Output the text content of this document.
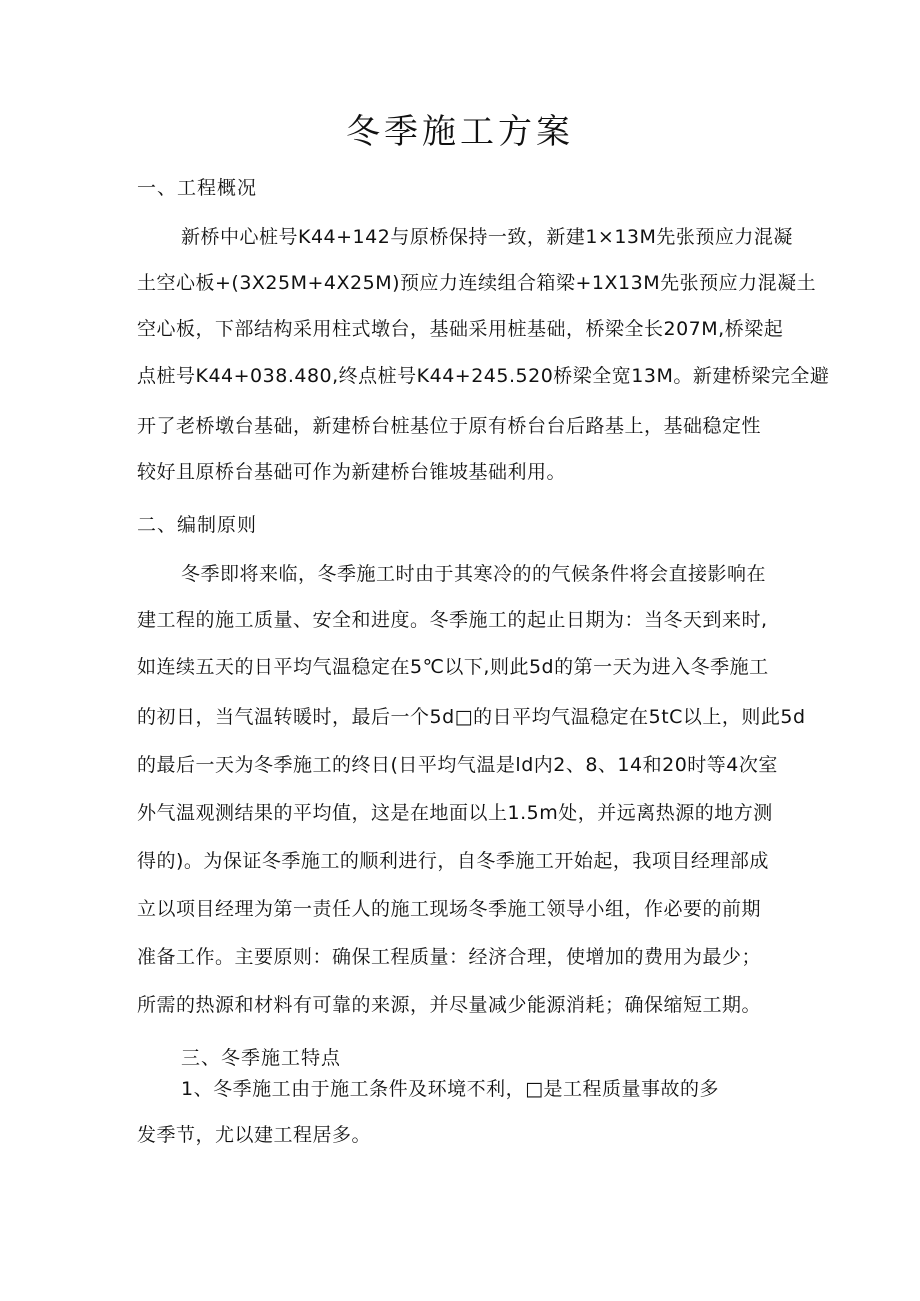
冬季施工方案
一、工程概况
新桥中心桩号K44+142与原桥保持一致，新建1×13M先张预应力混凝
土空心板+(3X25M+4X25M)预应力连续组合箱梁+1X13M先张预应力混凝土
空心板，下部结构采用柱式墩台，基础采用桩基础，桥梁全长207M,桥梁起
点桩号K44+038.480,终点桩号K44+245.520桥梁全宽13M。新建桥梁完全避
开了老桥墩台基础，新建桥台桩基位于原有桥台台后路基上，基础稳定性
较好且原桥台基础可作为新建桥台锥坡基础利用。
二、编制原则
冬季即将来临，冬季施工时由于其寒冷的的气候条件将会直接影响在
建工程的施工质量、安全和进度。冬季施工的起止日期为：当冬天到来时,
如连续五天的日平均气温稳定在5℃以下,则此5d的第一天为进入冬季施工
的初日，当气温转暖时，最后一个5d□的日平均气温稳定在5tC以上，则此5d
的最后一天为冬季施工的终日(日平均气温是ld内2、8、14和20时等4次室
外气温观测结果的平均值，这是在地面以上1.5m处，并远离热源的地方测
得的)。为保证冬季施工的顺利进行，自冬季施工开始起，我项目经理部成
立以项目经理为第一责任人的施工现场冬季施工领导小组，作必要的前期
准备工作。主要原则：确保工程质量：经济合理，使增加的费用为最少；
所需的热源和材料有可靠的来源，并尽量减少能源消耗；确保缩短工期。
三、冬季施工特点
1、冬季施工由于施工条件及环境不利，□是工程质量事故的多
发季节，尤以建工程居多。
